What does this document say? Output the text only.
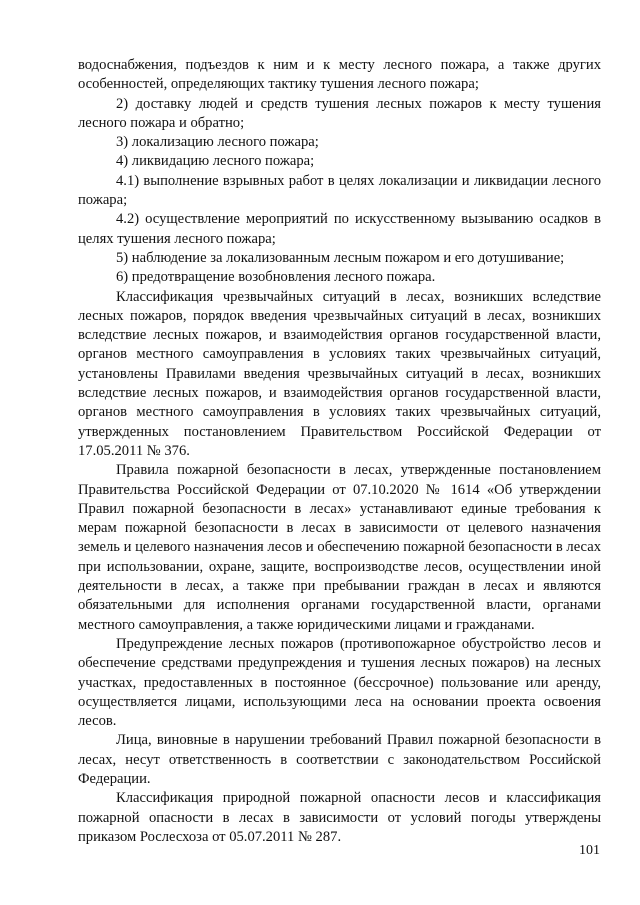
водоснабжения, подъездов к ним и к месту лесного пожара, а также других особенностей, определяющих тактику тушения лесного пожара;

2) доставку людей и средств тушения лесных пожаров к месту тушения лесного пожара и обратно;

3) локализацию лесного пожара;

4) ликвидацию лесного пожара;

4.1) выполнение взрывных работ в целях локализации и ликвидации лесного пожара;

4.2) осуществление мероприятий по искусственному вызыванию осадков в целях тушения лесного пожара;

5) наблюдение за локализованным лесным пожаром и его дотушивание;

6) предотвращение возобновления лесного пожара.

Классификация чрезвычайных ситуаций в лесах, возникших вследствие лесных пожаров, порядок введения чрезвычайных ситуаций в лесах, возникших вследствие лесных пожаров, и взаимодействия органов государственной власти, органов местного самоуправления в условиях таких чрезвычайных ситуаций, установлены Правилами введения чрезвычайных ситуаций в лесах, возникших вследствие лесных пожаров, и взаимодействия органов государственной власти, органов местного самоуправления в условиях таких чрезвычайных ситуаций, утвержденных постановлением Правительством Российской Федерации от 17.05.2011 № 376.

Правила пожарной безопасности в лесах, утвержденные постановлением Правительства Российской Федерации от 07.10.2020 № 1614 «Об утверждении Правил пожарной безопасности в лесах» устанавливают единые требования к мерам пожарной безопасности в лесах в зависимости от целевого назначения земель и целевого назначения лесов и обеспечению пожарной безопасности в лесах при использовании, охране, защите, воспроизводстве лесов, осуществлении иной деятельности в лесах, а также при пребывании граждан в лесах и являются обязательными для исполнения органами государственной власти, органами местного самоуправления, а также юридическими лицами и гражданами.

Предупреждение лесных пожаров (противопожарное обустройство лесов и обеспечение средствами предупреждения и тушения лесных пожаров) на лесных участках, предоставленных в постоянное (бессрочное) пользование или аренду, осуществляется лицами, использующими леса на основании проекта освоения лесов.

Лица, виновные в нарушении требований Правил пожарной безопасности в лесах, несут ответственность в соответствии с законодательством Российской Федерации.

Классификация природной пожарной опасности лесов и классификация пожарной опасности в лесах в зависимости от условий погоды утверждены приказом Рослесхоза от 05.07.2011 № 287.

101
